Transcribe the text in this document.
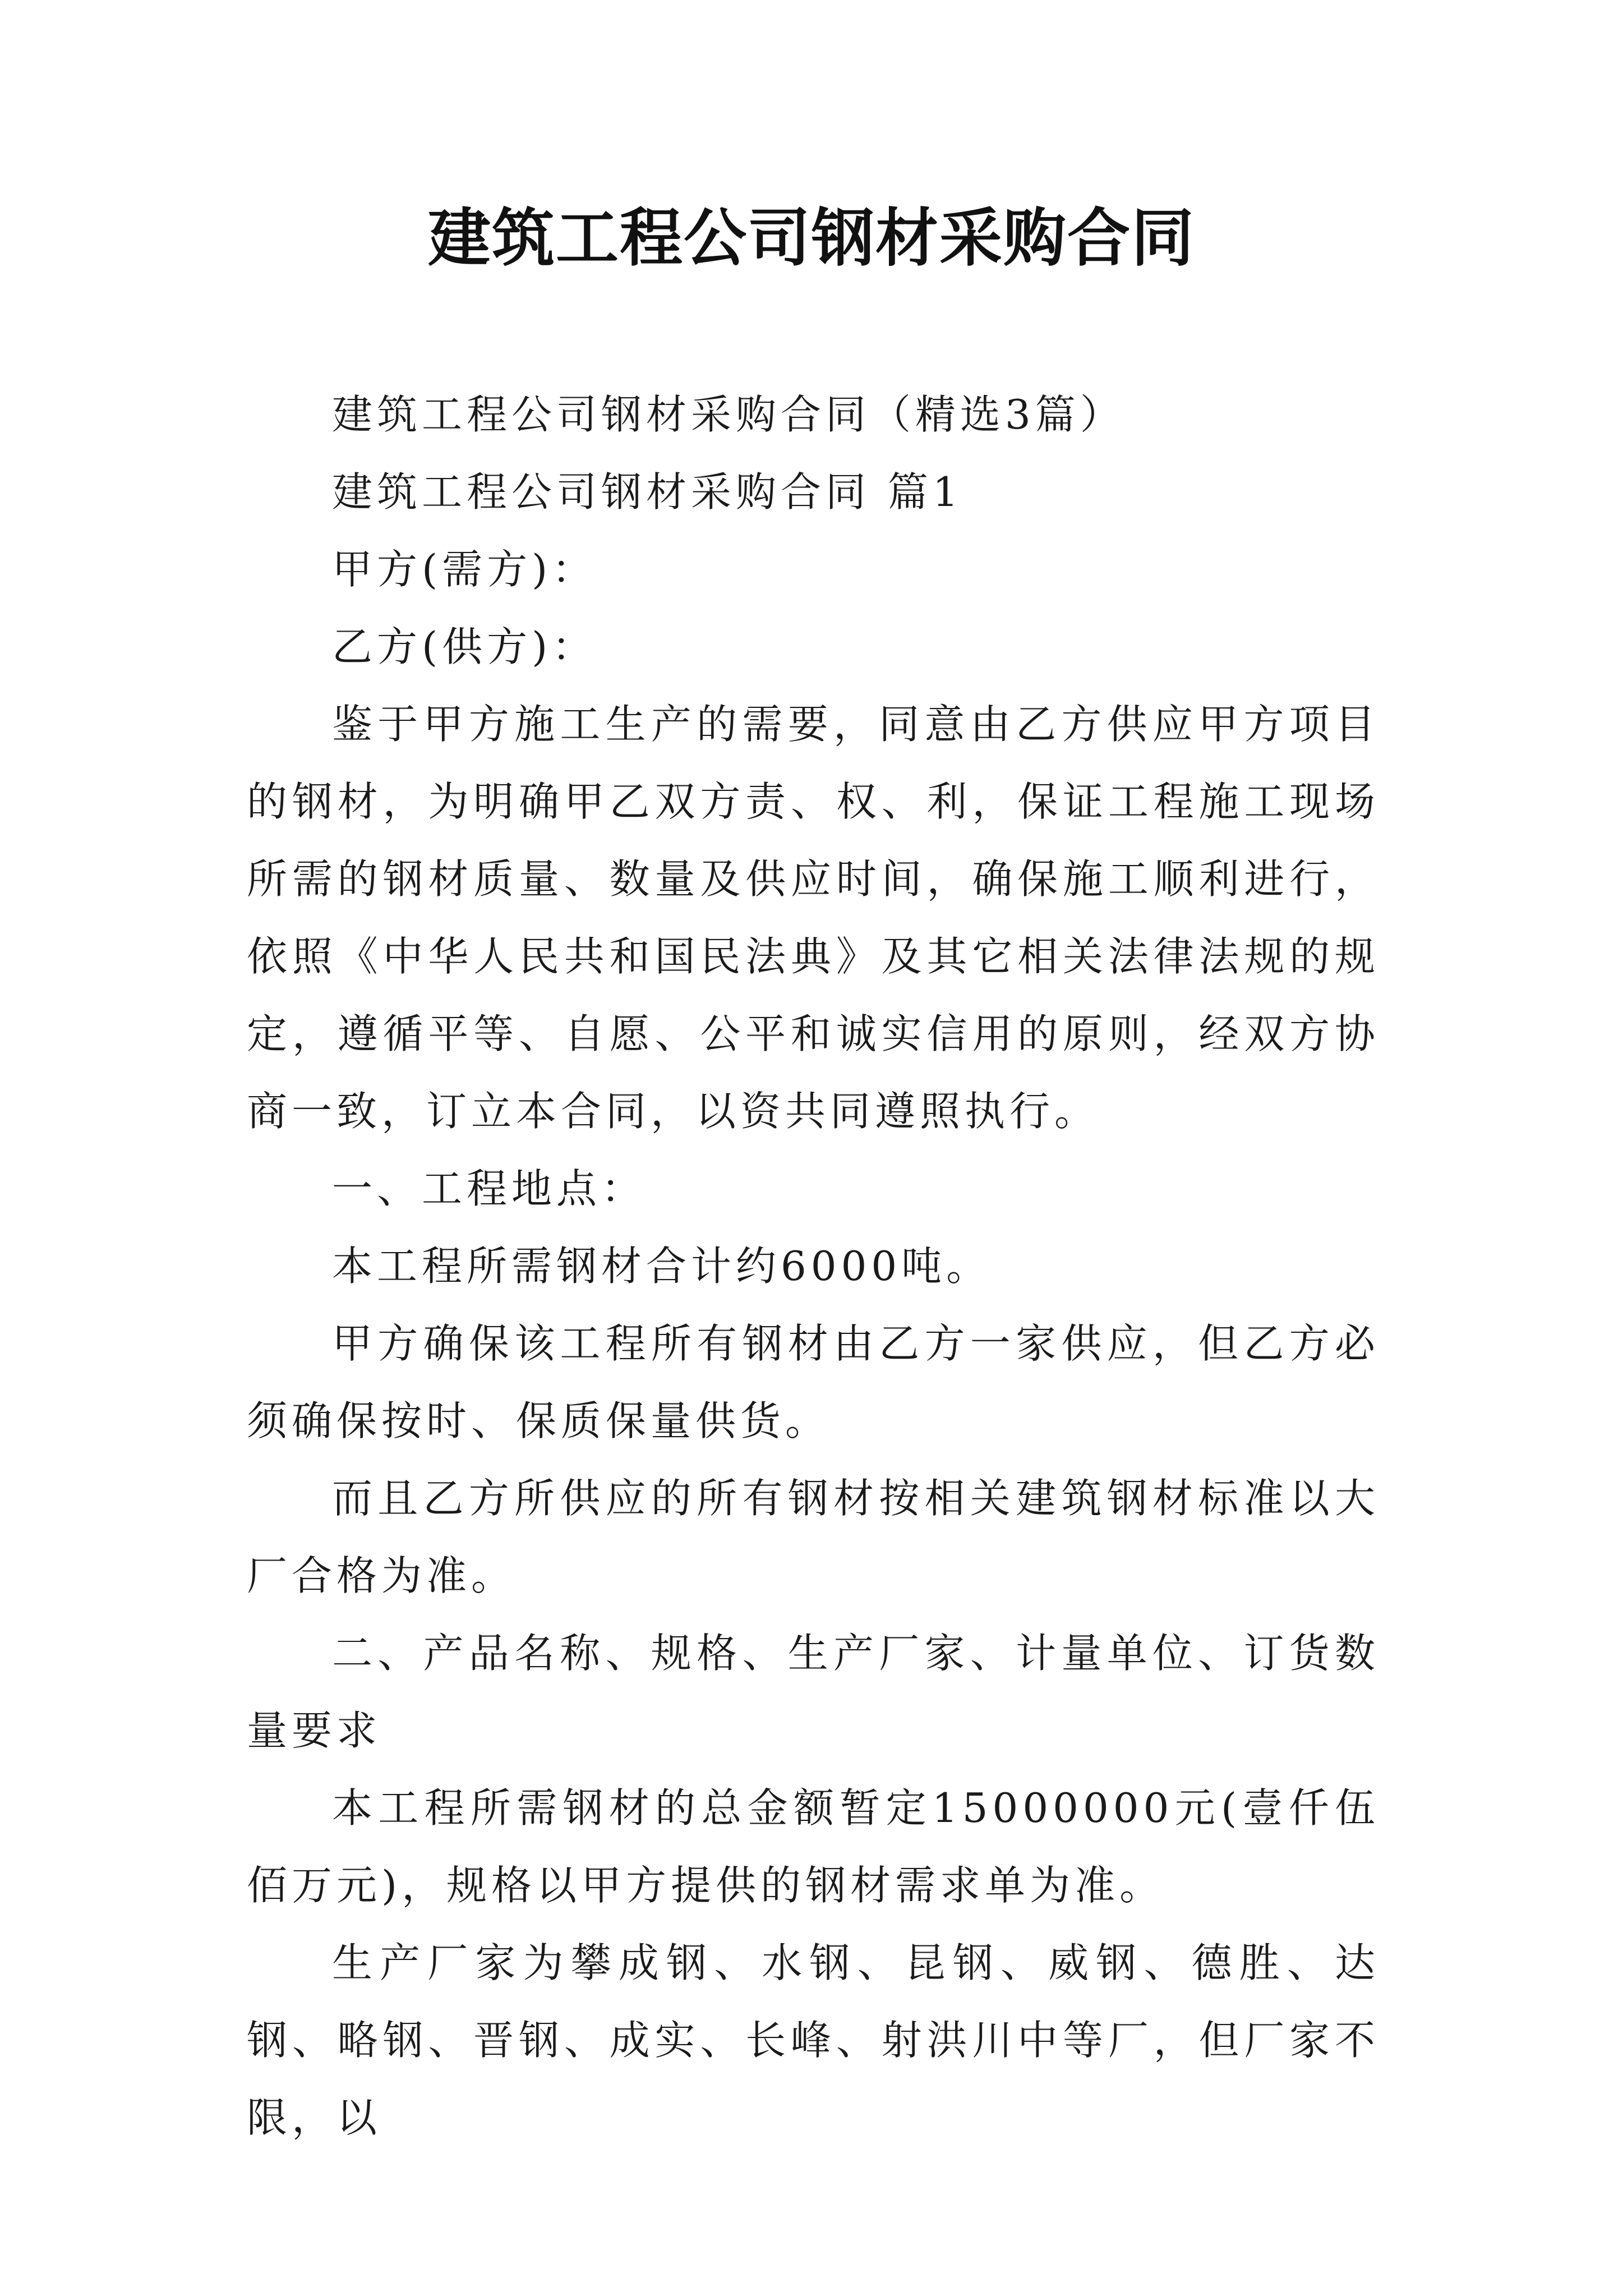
建筑工程公司钢材采购合同

建筑工程公司钢材采购合同（精选3篇）

建筑工程公司钢材采购合同 篇1

甲方(需方)：

乙方(供方)：

鉴于甲方施工生产的需要，同意由乙方供应甲方项目的钢材，为明确甲乙双方责、权、利，保证工程施工现场所需的钢材质量、数量及供应时间，确保施工顺利进行，依照《中华人民共和国民法典》及其它相关法律法规的规定，遵循平等、自愿、公平和诚实信用的原则，经双方协商一致，订立本合同，以资共同遵照执行。

一、工程地点：

本工程所需钢材合计约6000吨。

甲方确保该工程所有钢材由乙方一家供应，但乙方必须确保按时、保质保量供货。

而且乙方所供应的所有钢材按相关建筑钢材标准以大厂合格为准。

二、产品名称、规格、生产厂家、计量单位、订货数量要求

本工程所需钢材的总金额暂定15000000元(壹仟伍佰万元)，规格以甲方提供的钢材需求单为准。

生产厂家为攀成钢、水钢、昆钢、威钢、德胜、达钢、略钢、晋钢、成实、长峰、射洪川中等厂，但厂家不限，以
